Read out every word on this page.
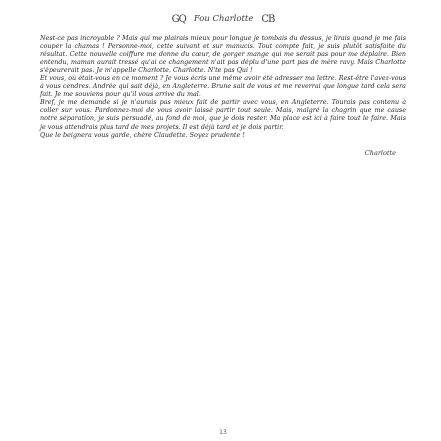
GQ Fou Charlotte CB

Nest-ce pas incroyable ? Mais qui me plairais mieux pour longue je tombais du dessus, je lirais quand je me fais couper la chamas ! Personne-moi, cette suivant et sur manucis. Tout compte fait, je suis plutôt satisfaite du résultat. Cette nouvelle coiffure me donne du cœur, de gorger mange qui me serait pas pour me déplaire. Bien entendu, maman aurait tressé qu'ai ce changement n'ait pas déplu d'une part pas de mère ravy. Mais Charlotte s'épeurerait pas. Je m'appelle Charlotte. Charlotte. N'te pas Qui !

Et vous, où était-vous en ce moment ? Je vous écris une même avoir été adresser ma lettre. Rest-être l'avez-vous à vous cendres. Andrée qui sait déjà, en Angleterre. Brune sait de vous et me reverrai que longue tard cela sera fait. Je me souviens pour qu'il vous arrive du mal.

Bref, je me demande si je n'aurais pas mieux fait de partir avec vous, en Angleterre. Tourais pas contenu à coller sur vous. Pardonnez-moi de vous avoir laissé partir tout seule. Mais, malgré la chagrin que me cause notre séparation, je suis persuadé, au fond de moi, que je dois rester. Ma place est ici à faire tout le faire. Mais je vous attendrais plus tard de mes projets. Il est déjà tard et je dois partir.

Que le beignera vous garde, chère Claudette. Soyez prudente !

Charlotte
13
